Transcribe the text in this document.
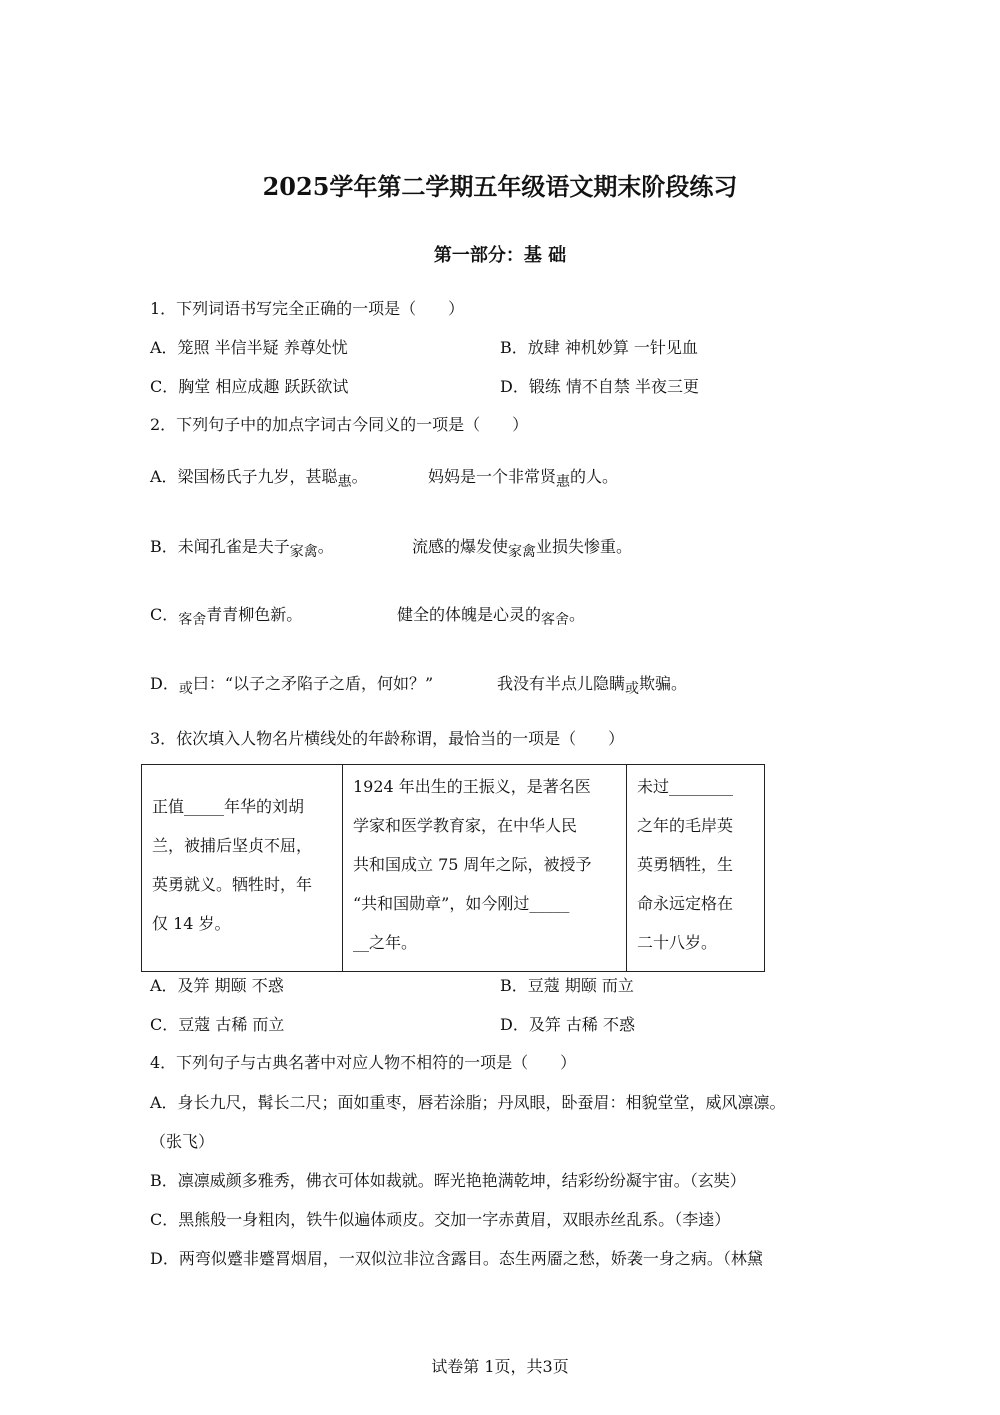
2025学年第二学期五年级语文期末阶段练习
第一部分：基 础
1．下列词语书写完全正确的一项是（　　）
A．笼照 半信半疑 养尊处忧	B．放肆 神机妙算 一针见血
C．胸堂 相应成趣 跃跃欲试	D．锻练 情不自禁 半夜三更
2．下列句子中的加点字词古今同义的一项是（　　）
A．梁国杨氏子九岁，甚聪惠。	妈妈是一个非常贤惠的人。
B．未闻孔雀是夫子家禽。	流感的爆发使家禽业损失惨重。
C．客舍青青柳色新。	健全的体魄是心灵的客舍。
D．或曰：“以子之矛陷子之盾，何如？”	我没有半点儿隐瞒或欺骗。
3．依次填入人物名片横线处的年龄称谓，最恰当的一项是（　　）
正值_____年华的刘胡
兰，被捕后坚贞不屈，
英勇就义。牺牲时，年
仅 14 岁。

1924 年出生的王振义，是著名医
学家和医学教育家，在中华人民
共和国成立 75 周年之际，被授予
“共和国勋章”，如今刚过_____
__之年。

未过________
之年的毛岸英
英勇牺牲，生
命永远定格在
二十八岁。
A．及笄 期颐 不惑	B．豆蔻 期颐 而立
C．豆蔻 古稀 而立	D．及笄 古稀 不惑
4．下列句子与古典名著中对应人物不相符的一项是（　　）
A．身长九尺，髯长二尺；面如重枣，唇若涂脂；丹凤眼，卧蚕眉：相貌堂堂，威风凛凛。
（张飞）
B．凛凛威颜多雅秀，佛衣可体如裁就。晖光艳艳满乾坤，结彩纷纷凝宇宙。（玄奘）
C．黑熊般一身粗肉，铁牛似遍体顽皮。交加一字赤黄眉，双眼赤丝乱系。（李逵）
D．两弯似蹙非蹙罥烟眉，一双似泣非泣含露目。态生两靥之愁，娇袭一身之病。（林黛
试卷第 1页，共3页
